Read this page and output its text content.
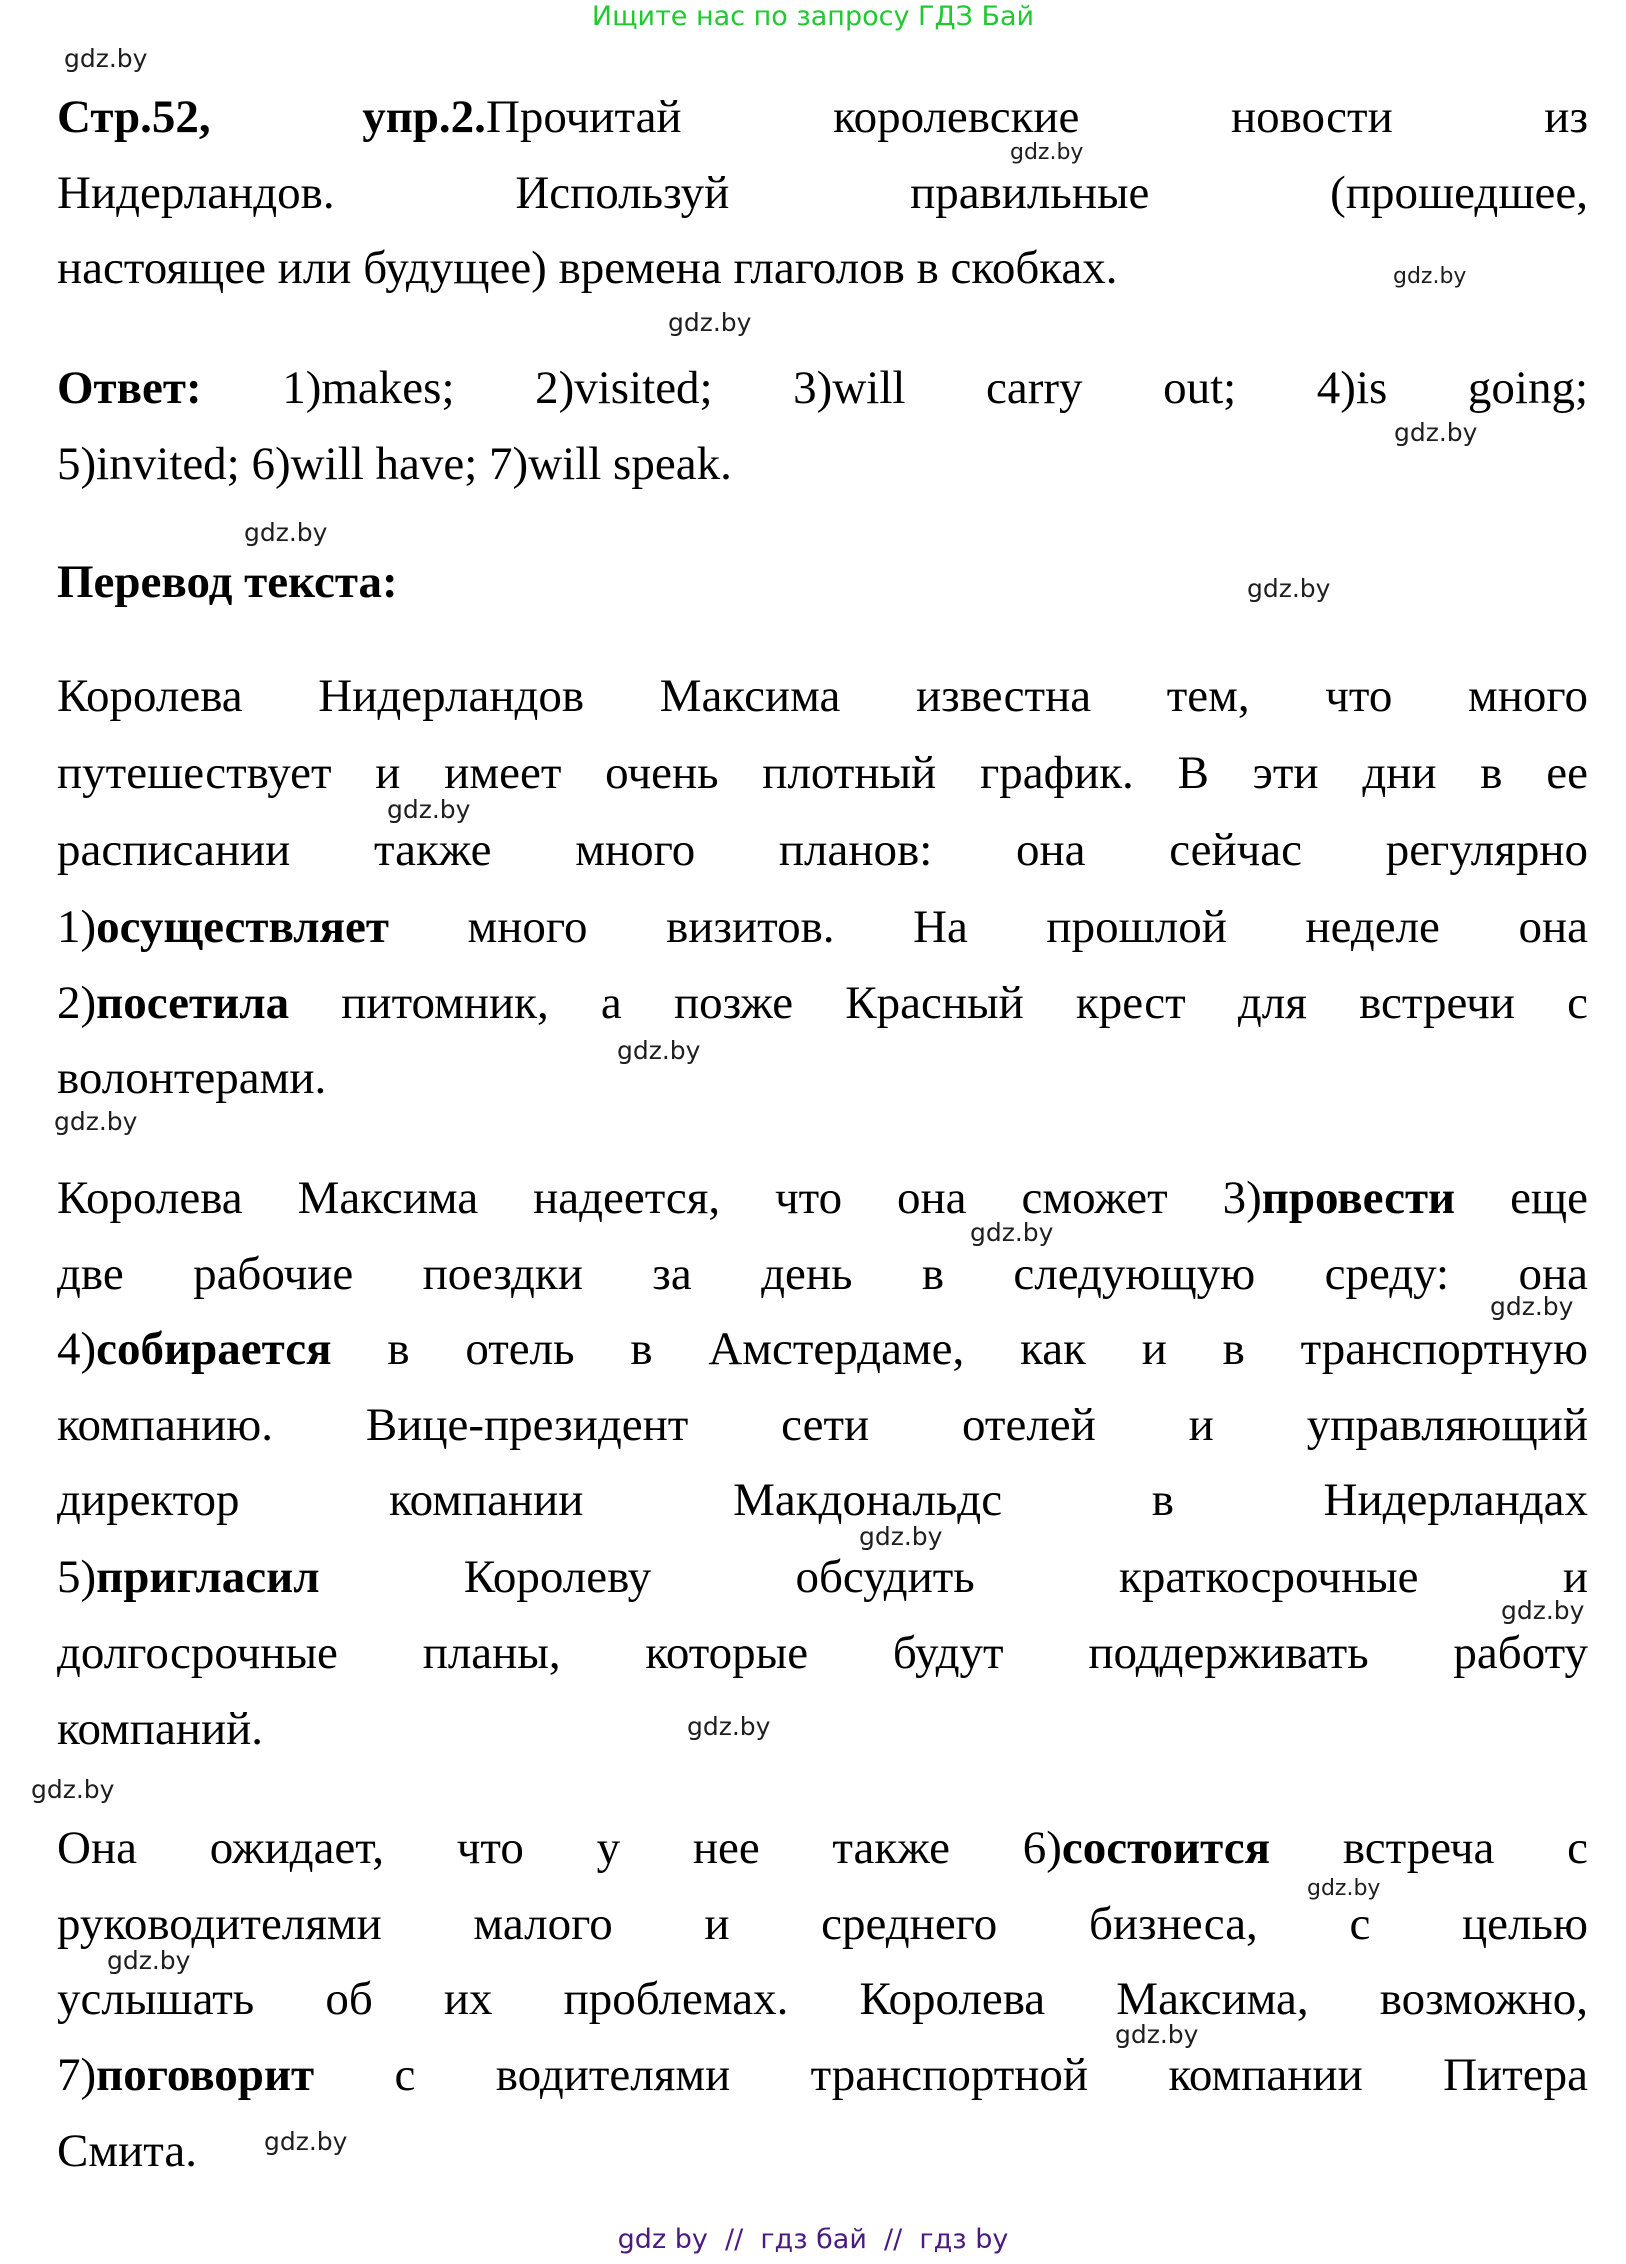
Ищите нас по запросу ГДЗ Бай
Стр.52,	упр.2.Прочитай королевские новости из
Нидерландов. Используй правильные (прошедшее,
настоящее или будущее) времена глаголов в скобках.
Ответ: 1)makes; 2)visited; 3)will carry out; 4)is going;
5)invited; 6)will have; 7)will speak.
Перевод текста:
Королева Нидерландов Максима известна тем, что много
путешествует и имеет очень плотный график. В эти дни в ее
расписании также много планов: она сейчас регулярно
1)осуществляет много визитов. На прошлой неделе она
2)посетила питомник, а позже Красный крест для встречи с
волонтерами.
Королева Максима надеется, что она сможет 3)провести еще
две рабочие поездки за день в следующую среду: она
4)собирается в отель в Амстердаме, как и в транспортную
компанию. Вице-президент сети отелей и управляющий
директор компании Макдональдс в Нидерландах
5)пригласил Королеву обсудить краткосрочные и
долгосрочные планы, которые будут поддерживать работу
компаний.
Она ожидает, что у нее также 6)состоится встреча с
руководителями малого и среднего бизнеса, с целью
услышать об их проблемах. Королева Максима, возможно,
7)поговорит с водителями транспортной компании Питера
Смита.
gdz.by
gdz.by
gdz.by
gdz.by
gdz.by
gdz.by
gdz.by
gdz.by
gdz.by
gdz.by
gdz.by
gdz.by
gdz.by
gdz.by
gdz.by
gdz.by
gdz.by
gdz.by
gdz.by
gdz.by
gdz by  //  гдз бай  //  гдз by
